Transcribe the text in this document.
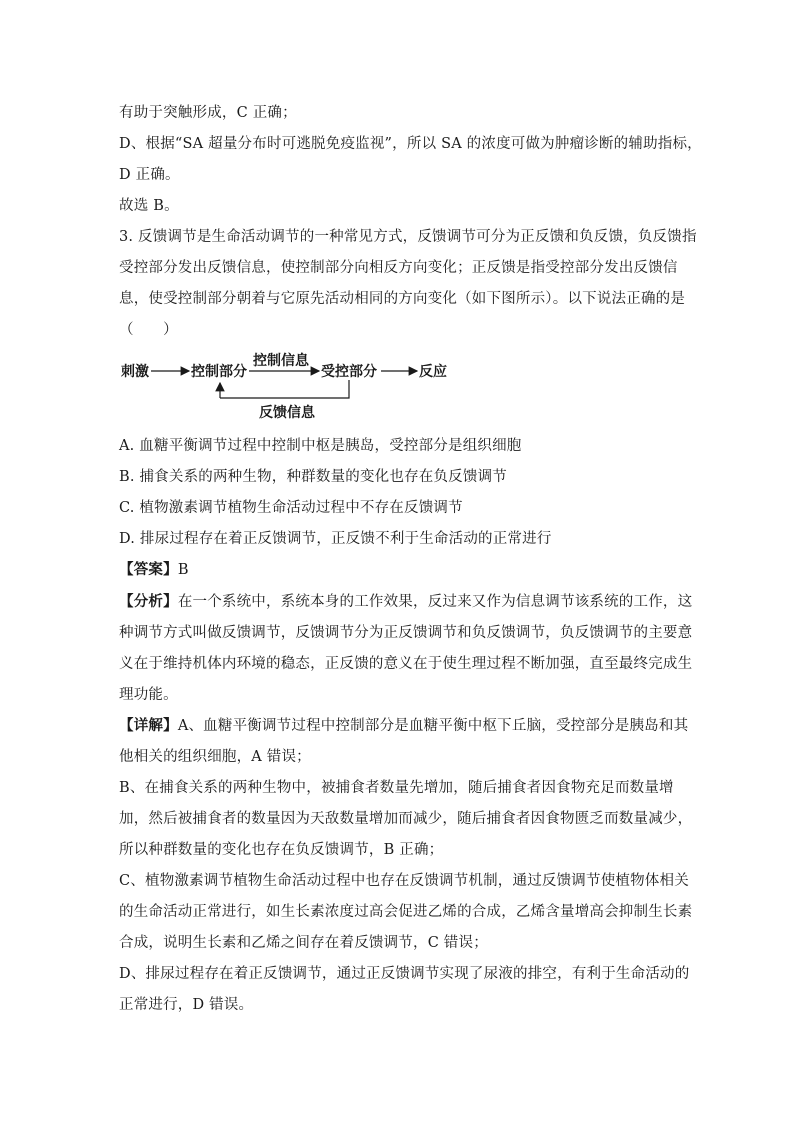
有助于突触形成，C 正确；
D、根据“SA 超量分布时可逃脱免疫监视”，所以 SA 的浓度可做为肿瘤诊断的辅助指标，
D 正确。
故选 B。
3. 反馈调节是生命活动调节的一种常见方式，反馈调节可分为正反馈和负反馈，负反馈指
受控部分发出反馈信息，使控制部分向相反方向变化；正反馈是指受控部分发出反馈信
息，使受控制部分朝着与它原先活动相同的方向变化（如下图所示）。以下说法正确的是
（　　）
刺激	控制部分
控制信息
受控部分	反应
反馈信息
A. 血糖平衡调节过程中控制中枢是胰岛，受控部分是组织细胞
B. 捕食关系的两种生物，种群数量的变化也存在负反馈调节
C. 植物激素调节植物生命活动过程中不存在反馈调节
D. 排尿过程存在着正反馈调节，正反馈不利于生命活动的正常进行
【答案】B
【分析】在一个系统中，系统本身的工作效果，反过来又作为信息调节该系统的工作，这
种调节方式叫做反馈调节，反馈调节分为正反馈调节和负反馈调节，负反馈调节的主要意
义在于维持机体内环境的稳态，正反馈的意义在于使生理过程不断加强，直至最终完成生
理功能。
【详解】A、血糖平衡调节过程中控制部分是血糖平衡中枢下丘脑，受控部分是胰岛和其
他相关的组织细胞，A 错误；
B、在捕食关系的两种生物中，被捕食者数量先增加，随后捕食者因食物充足而数量增
加，然后被捕食者的数量因为天敌数量增加而减少，随后捕食者因食物匮乏而数量减少，
所以种群数量的变化也存在负反馈调节，B 正确；
C、植物激素调节植物生命活动过程中也存在反馈调节机制，通过反馈调节使植物体相关
的生命活动正常进行，如生长素浓度过高会促进乙烯的合成，乙烯含量增高会抑制生长素
合成，说明生长素和乙烯之间存在着反馈调节，C 错误；
D、排尿过程存在着正反馈调节，通过正反馈调节实现了尿液的排空，有利于生命活动的
正常进行，D 错误。
